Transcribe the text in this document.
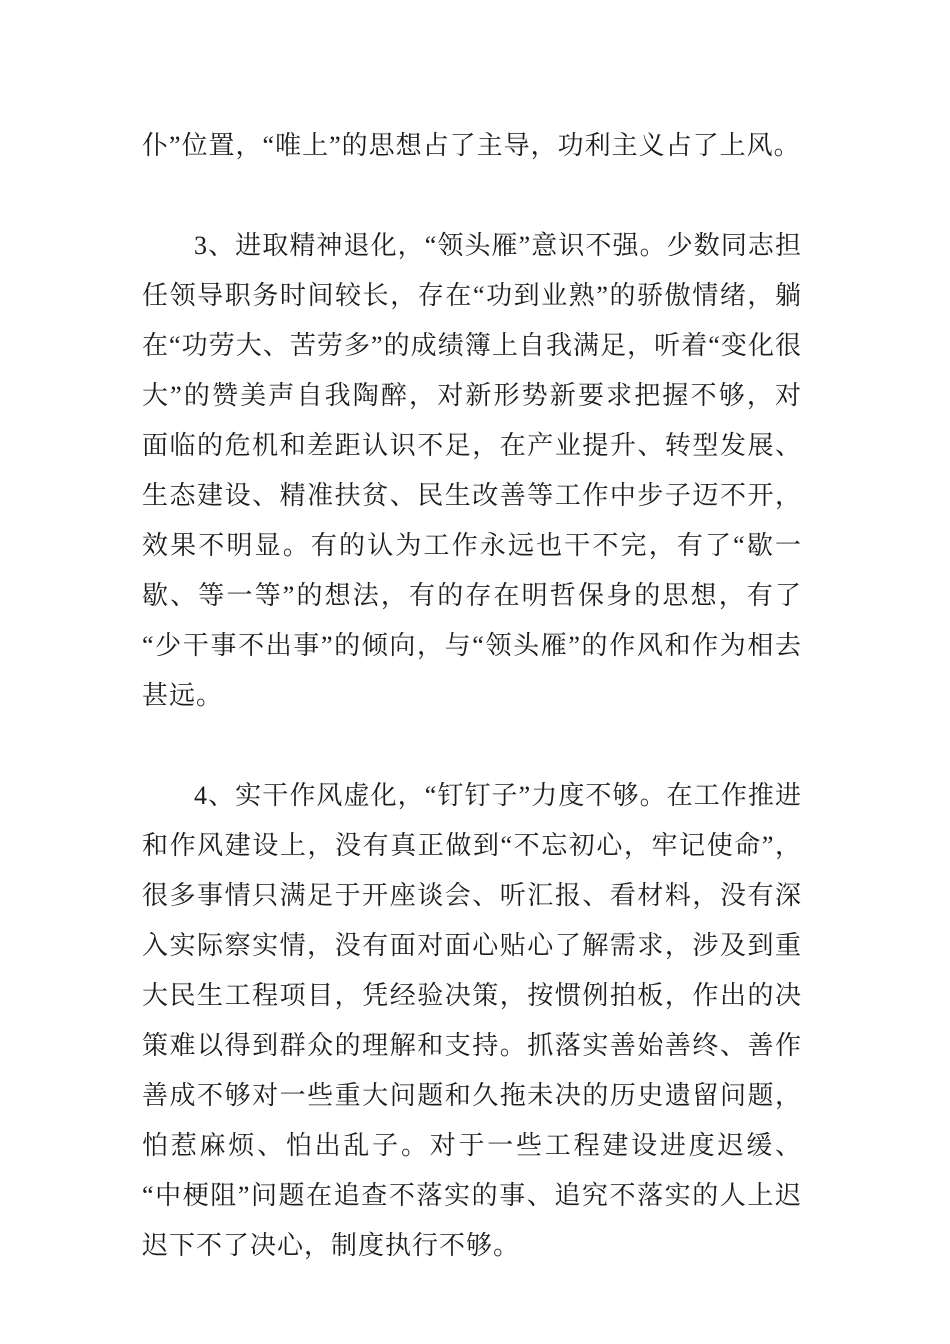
仆”位置，“唯上”的思想占了主导，功利主义占了上风。

3、进取精神退化，“领头雁”意识不强。少数同志担任领导职务时间较长，存在“功到业熟”的骄傲情绪，躺在“功劳大、苦劳多”的成绩簿上自我满足，听着“变化很大”的赞美声自我陶醉，对新形势新要求把握不够，对面临的危机和差距认识不足，在产业提升、转型发展、生态建设、精准扶贫、民生改善等工作中步子迈不开，效果不明显。有的认为工作永远也干不完，有了“歇一歇、等一等”的想法，有的存在明哲保身的思想，有了“少干事不出事”的倾向，与“领头雁”的作风和作为相去甚远。

4、实干作风虚化，“钉钉子”力度不够。在工作推进和作风建设上，没有真正做到“不忘初心，牢记使命”，很多事情只满足于开座谈会、听汇报、看材料，没有深入实际察实情，没有面对面心贴心了解需求，涉及到重大民生工程项目，凭经验决策，按惯例拍板，作出的决策难以得到群众的理解和支持。抓落实善始善终、善作善成不够对一些重大问题和久拖未决的历史遗留问题，怕惹麻烦、怕出乱子。对于一些工程建设进度迟缓、“中梗阻”问题在追查不落实的事、追究不落实的人上迟迟下不了决心，制度执行不够。
